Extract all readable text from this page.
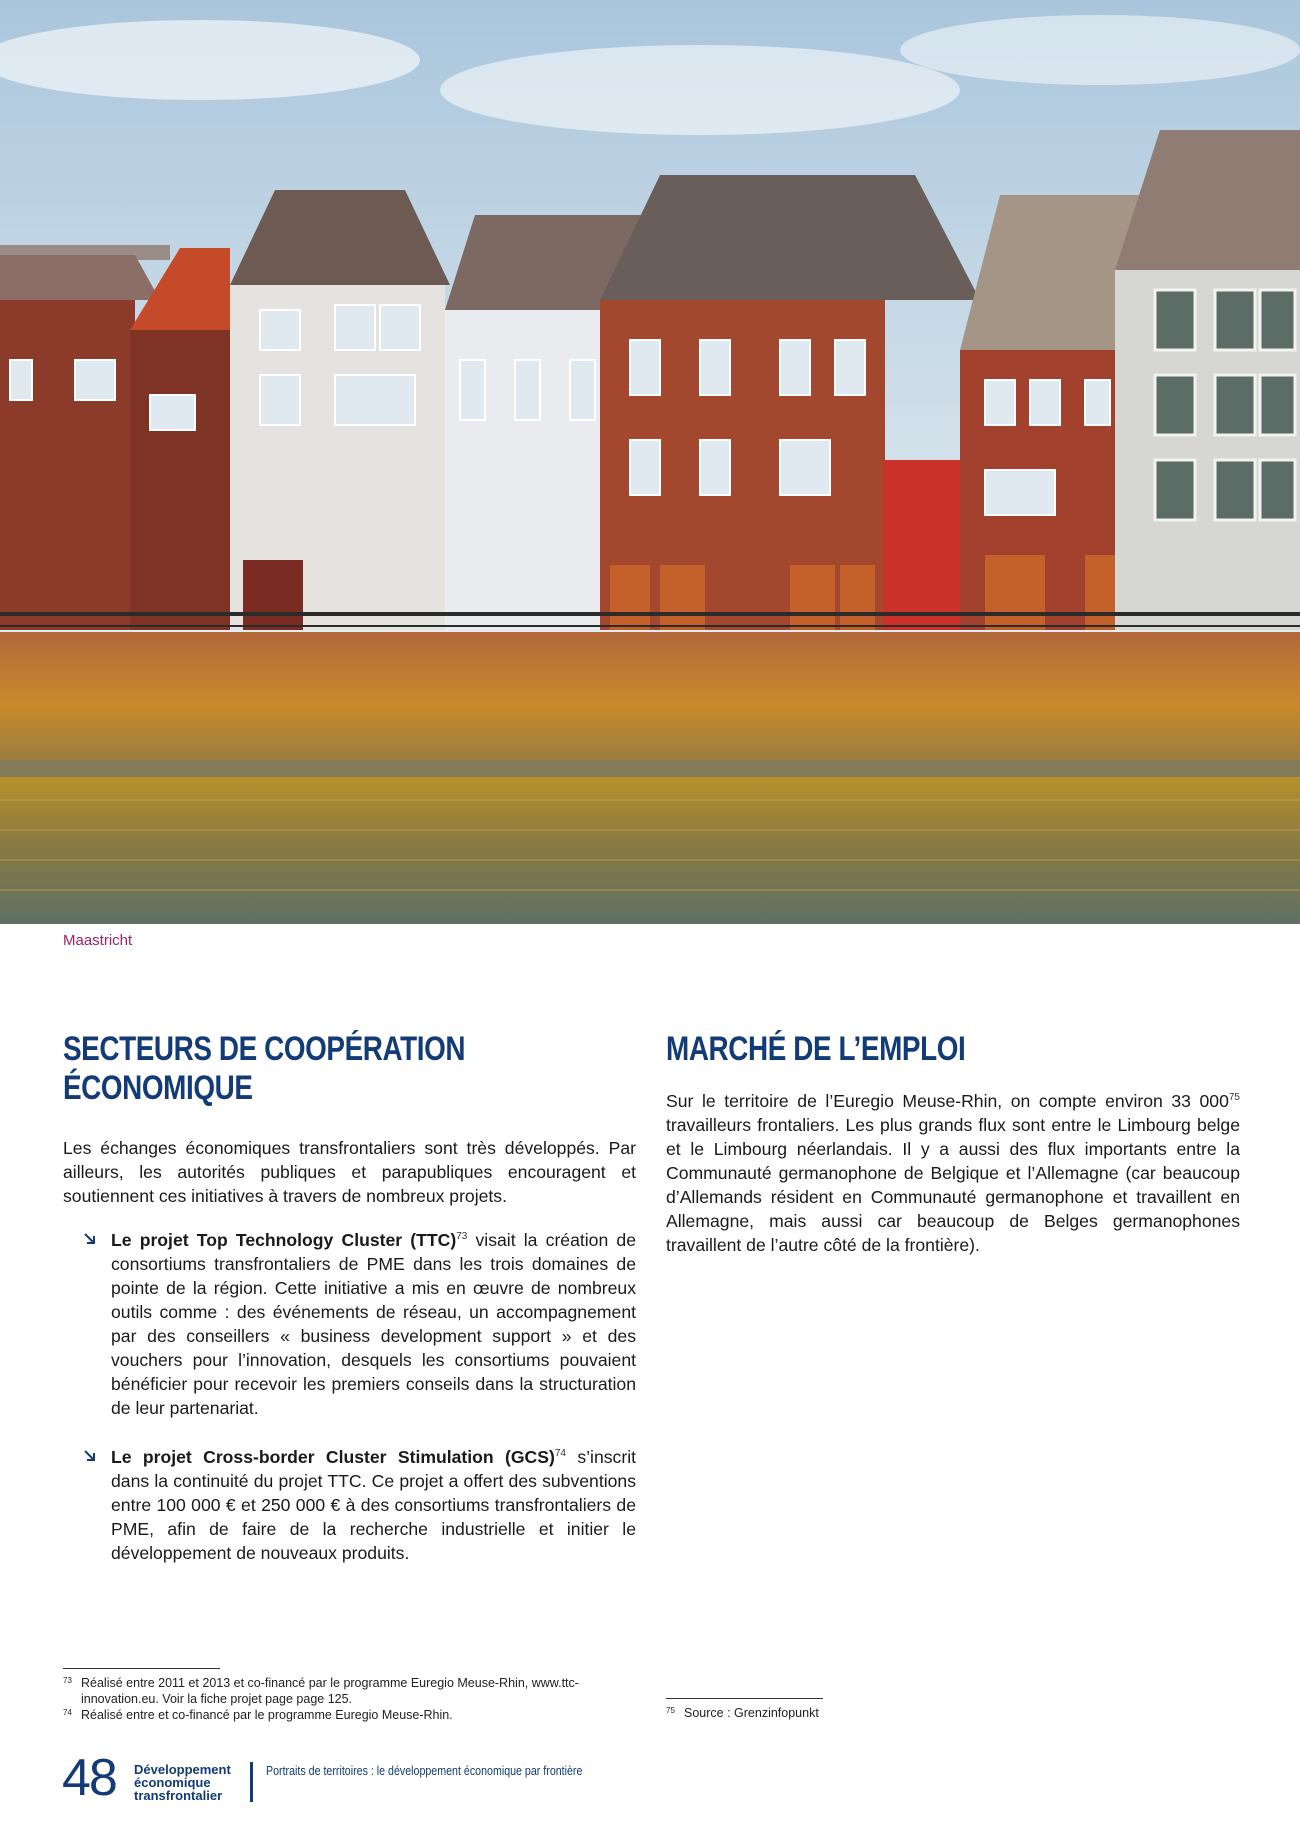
Maastricht
SECTEURS DE COOPÉRATION
ÉCONOMIQUE

Les échanges économiques transfrontaliers sont très développés. Par ailleurs, les autorités publiques et parapubliques encouragent et soutiennent ces initiatives à travers de nombreux projets.

Le projet Top Technology Cluster (TTC)$^{73}$ visait la création de consortiums transfrontaliers de PME dans les trois domaines de pointe de la région. Cette initiative a mis en œuvre de nombreux outils comme : des événements de réseau, un accompagnement par des conseillers « business development support » et des vouchers pour l’innovation, desquels les consortiums pouvaient bénéficier pour recevoir les premiers conseils dans la structuration de leur partenariat.
Le projet Cross-border Cluster Stimulation (GCS)$^{74}$ s’inscrit dans la continuité du projet TTC. Ce projet a offert des subventions entre 100 000 € et 250 000 € à des consortiums transfrontaliers de PME, afin de faire de la recherche industrielle et initier le développement de nouveaux produits.
MARCHÉ DE L’EMPLOI

Sur le territoire de l’Euregio Meuse-Rhin, on compte environ 33 000$^{75}$ travailleurs frontaliers. Les plus grands flux sont entre le Limbourg belge et le Limbourg néerlandais. Il y a aussi des flux importants entre la Communauté germanophone de Belgique et l’Allemagne (car beaucoup d’Allemands résident en Communauté germanophone et travaillent en Allemagne, mais aussi car beaucoup de Belges germanophones travaillent de l’autre côté de la frontière).

73 Réalisé entre 2011 et 2013 et co-financé par le programme Euregio Meuse-Rhin, www.ttc-innovation.eu. Voir la fiche projet page page 125.
74 Réalisé entre et co-financé par le programme Euregio Meuse-Rhin.	75 Source : Grenzinfopunkt
48 Développement
économique
transfrontalier
Portraits de territoires : le développement économique par frontière
